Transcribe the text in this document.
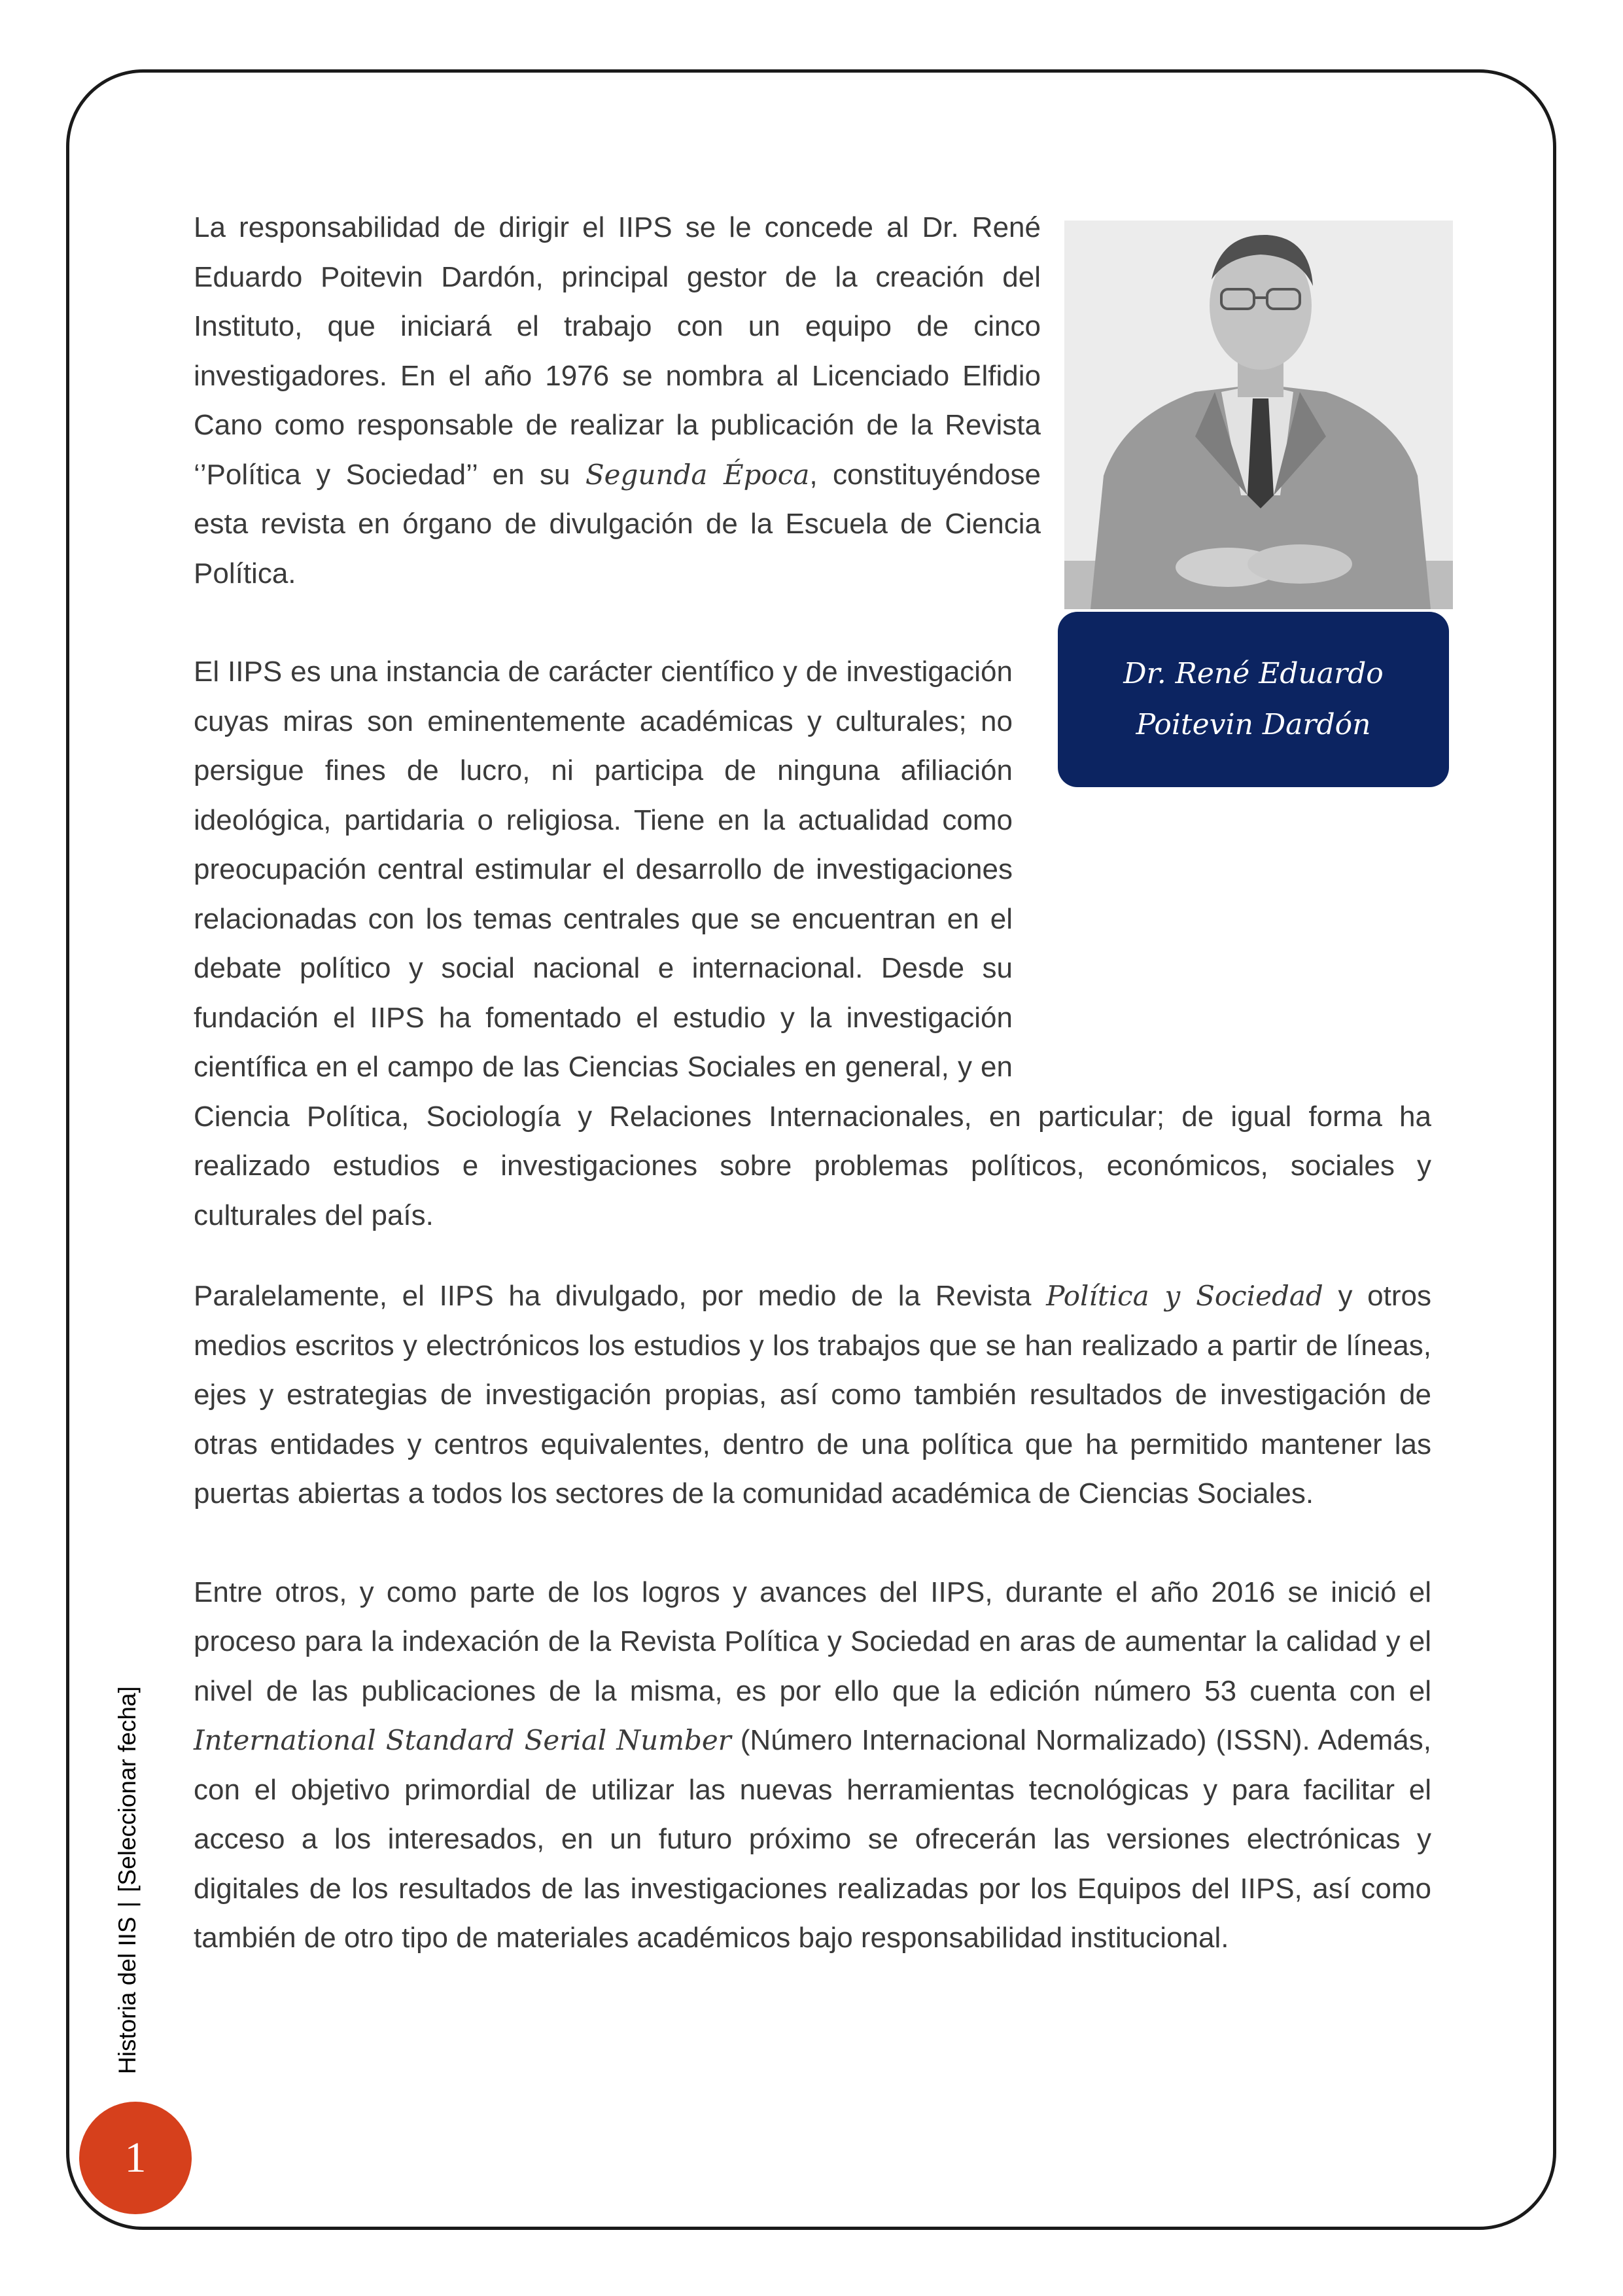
Dr. René Eduardo
Poitevin Dardón

La responsabilidad de dirigir el IIPS se le concede al Dr. René Eduardo Poitevin Dardón, principal gestor de la creación del Instituto, que iniciará el trabajo con un equipo de cinco investigadores. En el año 1976 se nombra al Licenciado Elfidio Cano como responsable de realizar la publicación de la Revista ‘’Política y Sociedad’’ en su Segunda Época, constituyéndose esta revista en órgano de divulgación de la Escuela de Ciencia Política.

El IIPS es una instancia de carácter científico y de investigación cuyas miras son eminentemente académicas y culturales; no persigue fines de lucro, ni participa de ninguna afiliación ideológica, partidaria o religiosa. Tiene en la actualidad como preocupación central estimular el desarrollo de investigaciones relacionadas con los temas centrales que se encuentran en el debate político y social nacional e internacional. Desde su fundación el IIPS ha fomentado el estudio y la investigación científica en el campo de las Ciencias Sociales en general, y en Ciencia Política, Sociología y Relaciones Internacionales, en particular; de igual forma ha realizado estudios e investigaciones sobre problemas políticos, económicos, sociales y culturales del país.

Paralelamente, el IIPS ha divulgado, por medio de la Revista Política y Sociedad y otros medios escritos y electrónicos los estudios y los trabajos que se han realizado a partir de líneas, ejes y estrategias de investigación propias, así como también resultados de investigación de otras entidades y centros equivalentes, dentro de una política que ha permitido mantener las puertas abiertas a todos los sectores de la comunidad académica de Ciencias Sociales.

Entre otros, y como parte de los logros y avances del IIPS, durante el año 2016 se inició el proceso para la indexación de la Revista Política y Sociedad en aras de aumentar la calidad y el nivel de las publicaciones de la misma, es por ello que la edición número 53 cuenta con el International Standard Serial Number (Número Internacional Normalizado) (ISSN). Además, con el objetivo primordial de utilizar las nuevas herramientas tecnológicas y para facilitar el acceso a los interesados, en un futuro próximo se ofrecerán las versiones electrónicas y digitales de los resultados de las investigaciones realizadas por los Equipos del IIPS, así como también de otro tipo de materiales académicos bajo responsabilidad institucional.

Historia del IIS|[Seleccionar fecha]
1
